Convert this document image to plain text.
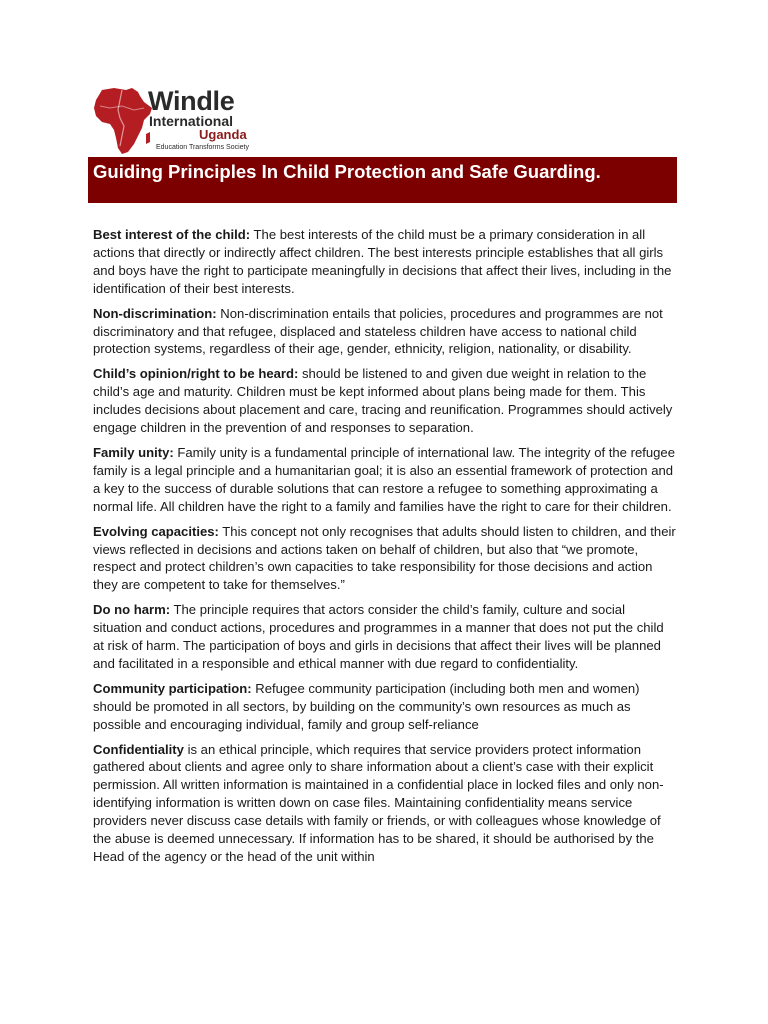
Windle
International
Uganda
Education Transforms Society
Guiding Principles In Child Protection and Safe Guarding.

Best interest of the child: The best interests of the child must be a primary consideration in all actions that directly or indirectly affect children. The best interests principle establishes that all girls and boys have the right to participate meaningfully in decisions that affect their lives, including in the identification of their best interests.

Non-discrimination: Non-discrimination entails that policies, procedures and programmes are not discriminatory and that refugee, displaced and stateless children have access to national child protection systems, regardless of their age, gender, ethnicity, religion, nationality, or disability.

Child’s opinion/right to be heard: should be listened to and given due weight in relation to the child’s age and maturity. Children must be kept informed about plans being made for them. This includes decisions about placement and care, tracing and reunification. Programmes should actively engage children in the prevention of and responses to separation.

Family unity: Family unity is a fundamental principle of international law. The integrity of the refugee family is a legal principle and a humanitarian goal; it is also an essential framework of protection and a key to the success of durable solutions that can restore a refugee to something approximating a normal life. All children have the right to a family and families have the right to care for their children.

Evolving capacities: This concept not only recognises that adults should listen to children, and their views reflected in decisions and actions taken on behalf of children, but also that “we promote, respect and protect children’s own capacities to take responsibility for those decisions and action they are competent to take for themselves.”

Do no harm: The principle requires that actors consider the child’s family, culture and social situation and conduct actions, procedures and programmes in a manner that does not put the child at risk of harm. The participation of boys and girls in decisions that affect their lives will be planned and facilitated in a responsible and ethical manner with due regard to confidentiality.

Community participation: Refugee community participation (including both men and women) should be promoted in all sectors, by building on the community’s own resources as much as possible and encouraging individual, family and group self-reliance

Confidentiality is an ethical principle, which requires that service providers protect information gathered about clients and agree only to share information about a client’s case with their explicit permission. All written information is maintained in a confidential place in locked files and only non-identifying information is written down on case files. Maintaining confidentiality means service providers never discuss case details with family or friends, or with colleagues whose knowledge of the abuse is deemed unnecessary. If information has to be shared, it should be authorised by the Head of the agency or the head of the unit within
